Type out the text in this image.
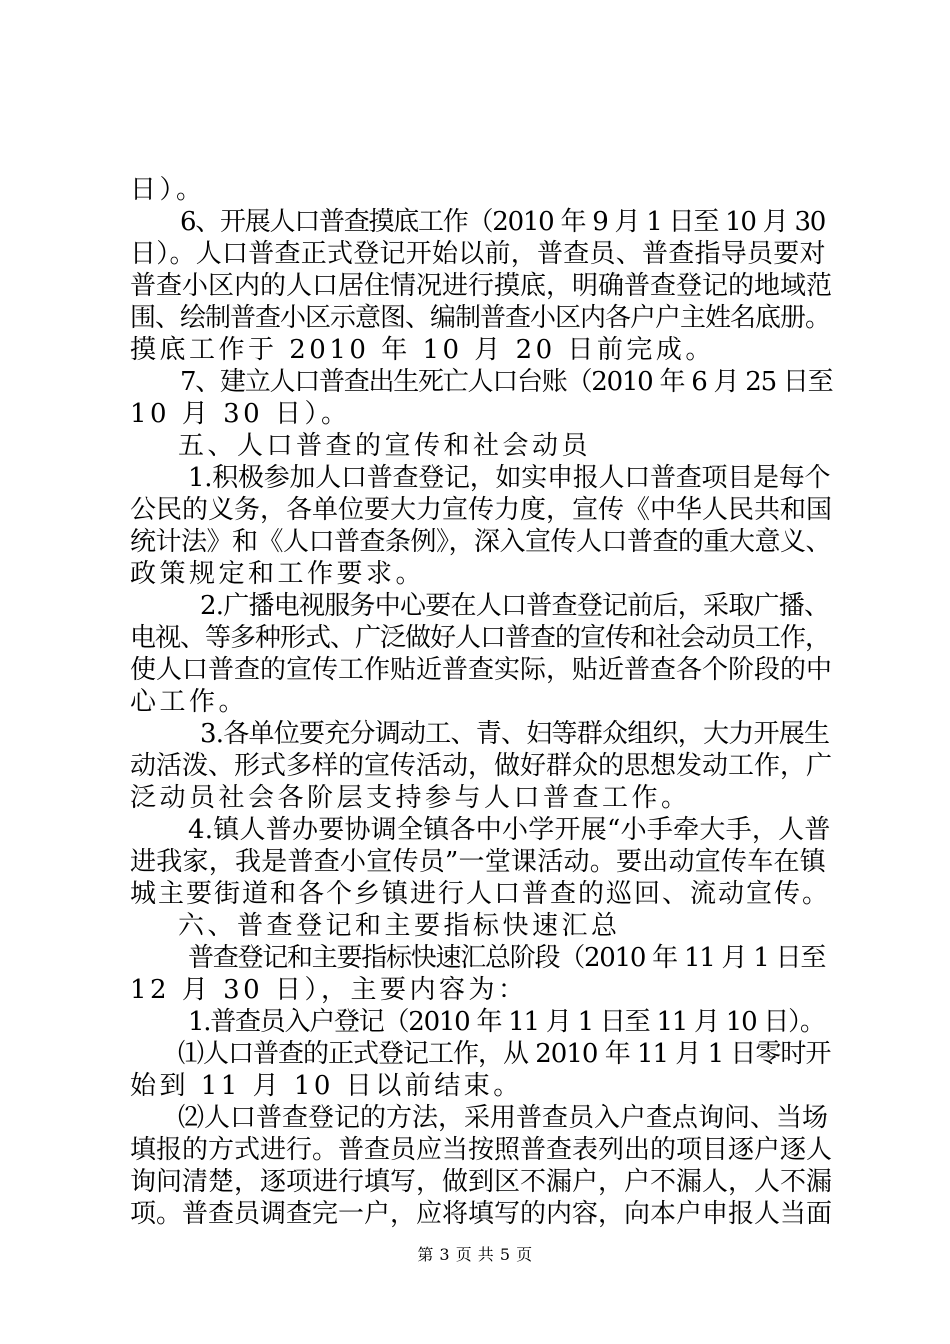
日）。
6、开展人口普查摸底工作（2010 年 9 月 1 日至 10 月 30
日）。人口普查正式登记开始以前，普查员、普查指导员要对
普查小区内的人口居住情况进行摸底，明确普查登记的地域范
围、绘制普查小区示意图、编制普查小区内各户户主姓名底册。
摸底工作于 2010 年 10 月 20 日前完成。
7、建立人口普查出生死亡人口台账（2010 年 6 月 25 日至
10 月 30 日）。
五、人口普查的宣传和社会动员
1.积极参加人口普查登记，如实申报人口普查项目是每个
公民的义务，各单位要大力宣传力度，宣传《中华人民共和国
统计法》和《人口普查条例》，深入宣传人口普查的重大意义、
政策规定和工作要求。
2.广播电视服务中心要在人口普查登记前后，采取广播、
电视、等多种形式、广泛做好人口普查的宣传和社会动员工作，
使人口普查的宣传工作贴近普查实际，贴近普查各个阶段的中
心工作。
3.各单位要充分调动工、青、妇等群众组织，大力开展生
动活泼、形式多样的宣传活动，做好群众的思想发动工作，广
泛动员社会各阶层支持参与人口普查工作。
4.镇人普办要协调全镇各中小学开展“小手牵大手，人普
进我家，我是普查小宣传员”一堂课活动。要出动宣传车在镇
城主要街道和各个乡镇进行人口普查的巡回、流动宣传。
六、普查登记和主要指标快速汇总
普查登记和主要指标快速汇总阶段（2010 年 11 月 1 日至
12 月 30 日），主要内容为：
1.普查员入户登记（2010 年 11 月 1 日至 11 月 10 日）。
⑴人口普查的正式登记工作，从 2010 年 11 月 1 日零时开
始到 11 月 10 日以前结束。
⑵人口普查登记的方法，采用普查员入户查点询问、当场
填报的方式进行。普查员应当按照普查表列出的项目逐户逐人
询问清楚，逐项进行填写，做到区不漏户，户不漏人，人不漏
项。普查员调查完一户，应将填写的内容，向本户申报人当面
第 3 页 共 5 页
